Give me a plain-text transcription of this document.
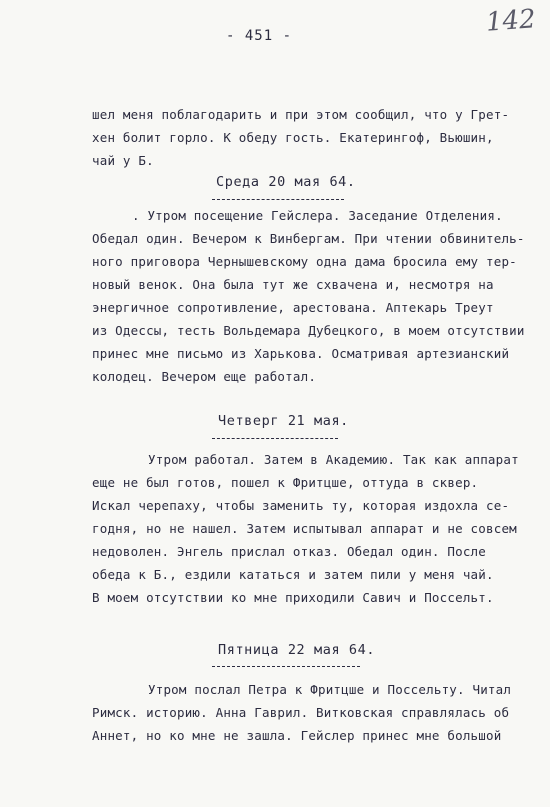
- 451 -	142
шел меня поблагодарить и при этом сообщил, что у Грет-
хен болит горло. К обеду гость. Екатерингоф, Вьюшин,
чай у Б.
Среда 20 мая 64.
. Утром посещение Гейслера. Заседание Отделения.
Обедал один. Вечером к Винбергам. При чтении обвинитель-
ного приговора Чернышевскому одна дама бросила ему тер-
новый венок. Она была тут же схвачена и, несмотря на
энергичное сопротивление, арестована. Аптекарь Треут
из Одессы, тесть Вольдемара Дубецкого, в моем отсутствии
принес мне письмо из Харькова. Осматривая артезианский
колодец. Вечером еще работал.
Четверг 21 мая.
Утром работал. Затем в Академию. Так как аппарат
еще не был готов, пошел к Фритцше, оттуда в сквер.
Искал черепаху, чтобы заменить ту, которая издохла се-
годня, но не нашел. Затем испытывал аппарат и не совсем
недоволен. Энгель прислал отказ. Обедал один. После
обеда к Б., ездили кататься и затем пили у меня чай.
В моем отсутствии ко мне приходили Савич и Поссельт.
Пятница 22 мая 64.
Утром послал Петра к Фритцше и Поссельту. Читал
Римск. историю. Анна Гаврил. Витковская справлялась об
Аннет, но ко мне не зашла. Гейслер принес мне большой
